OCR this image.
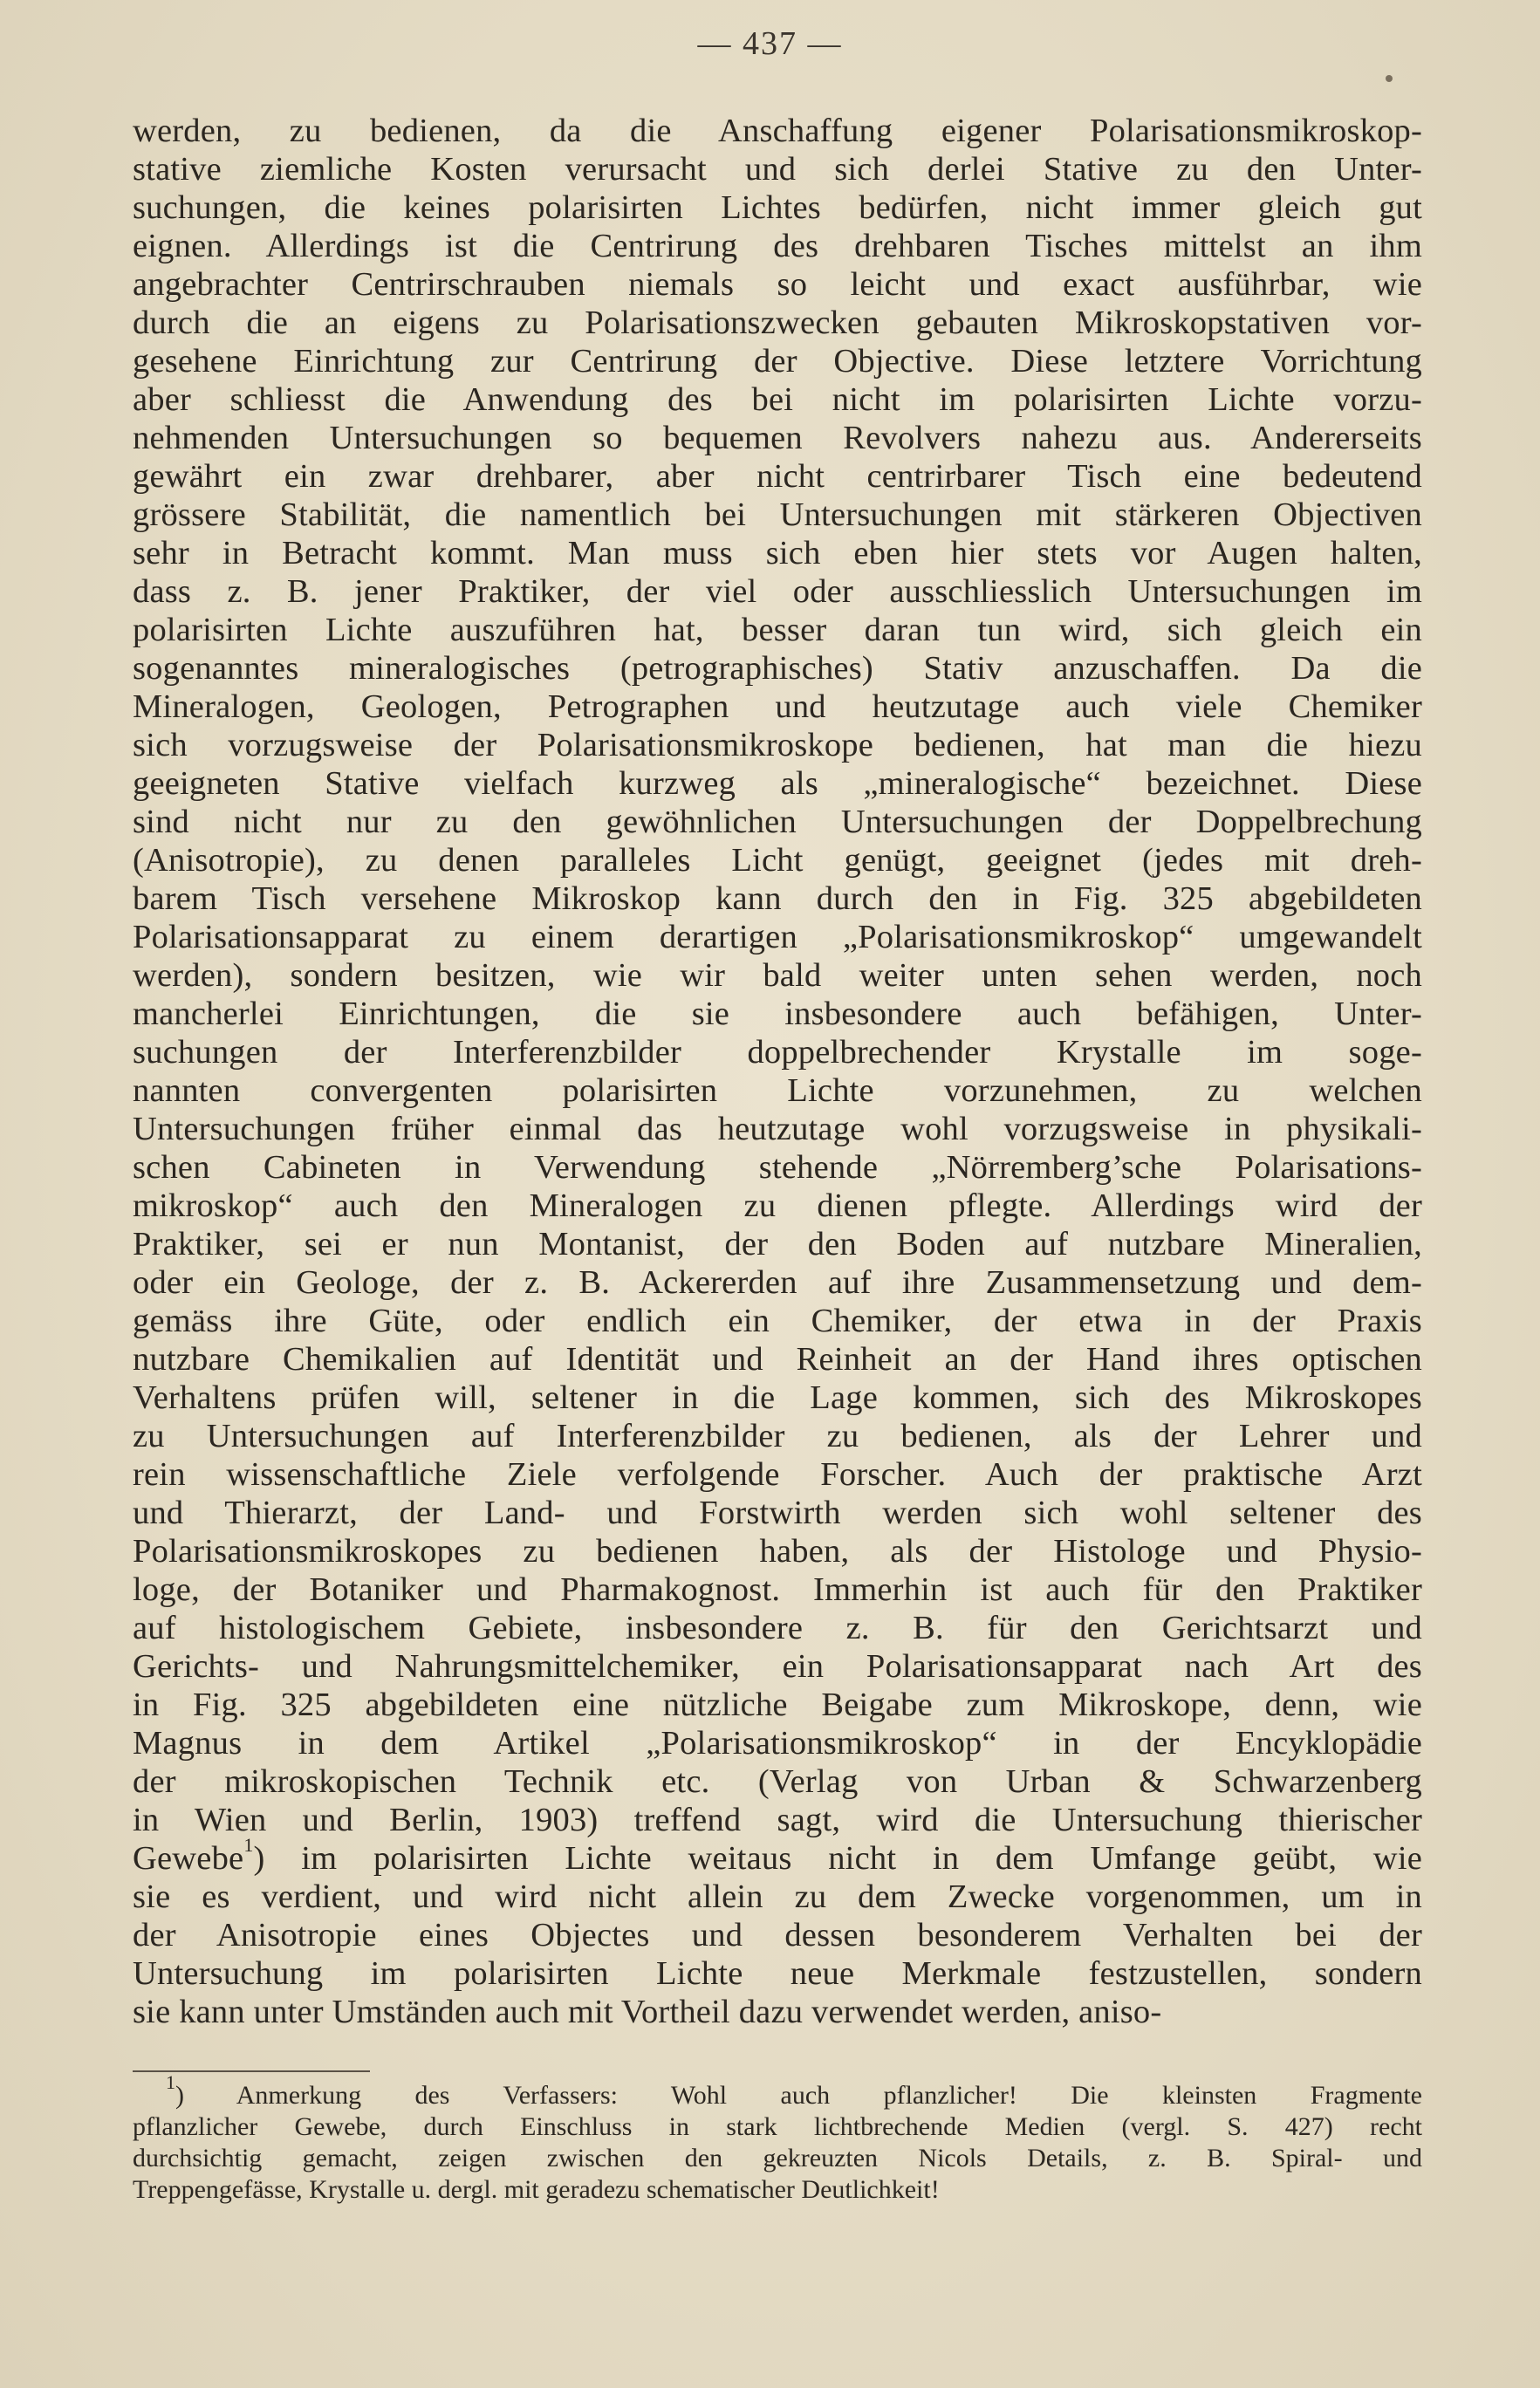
— 437 —
werden, zu bedienen, da die Anschaffung eigener Polarisationsmikroskop-
stative ziemliche Kosten verursacht und sich derlei Stative zu den Unter-
suchungen, die keines polarisirten Lichtes bedürfen, nicht immer gleich gut
eignen. Allerdings ist die Centrirung des drehbaren Tisches mittelst an ihm
angebrachter Centrirschrauben niemals so leicht und exact ausführbar, wie
durch die an eigens zu Polarisationszwecken gebauten Mikroskopstativen vor-
gesehene Einrichtung zur Centrirung der Objective. Diese letztere Vorrichtung
aber schliesst die Anwendung des bei nicht im polarisirten Lichte vorzu-
nehmenden Untersuchungen so bequemen Revolvers nahezu aus. Andererseits
gewährt ein zwar drehbarer, aber nicht centrirbarer Tisch eine bedeutend
grössere Stabilität, die namentlich bei Untersuchungen mit stärkeren Objectiven
sehr in Betracht kommt. Man muss sich eben hier stets vor Augen halten,
dass z. B. jener Praktiker, der viel oder ausschliesslich Untersuchungen im
polarisirten Lichte auszuführen hat, besser daran tun wird, sich gleich ein
sogenanntes mineralogisches (petrographisches) Stativ anzuschaffen. Da die
Mineralogen, Geologen, Petrographen und heutzutage auch viele Chemiker
sich vorzugsweise der Polarisationsmikroskope bedienen, hat man die hiezu
geeigneten Stative vielfach kurzweg als „mineralogische“ bezeichnet. Diese
sind nicht nur zu den gewöhnlichen Untersuchungen der Doppelbrechung
(Anisotropie), zu denen paralleles Licht genügt, geeignet (jedes mit dreh-
barem Tisch versehene Mikroskop kann durch den in Fig. 325 abgebildeten
Polarisationsapparat zu einem derartigen „Polarisationsmikroskop“ umgewandelt
werden), sondern besitzen, wie wir bald weiter unten sehen werden, noch
mancherlei Einrichtungen, die sie insbesondere auch befähigen, Unter-
suchungen der Interferenzbilder doppelbrechender Krystalle im soge-
nannten convergenten polarisirten Lichte vorzunehmen, zu welchen
Untersuchungen früher einmal das heutzutage wohl vorzugsweise in physikali-
schen Cabineten in Verwendung stehende „Nörremberg’sche Polarisations-
mikroskop“ auch den Mineralogen zu dienen pflegte. Allerdings wird der
Praktiker, sei er nun Montanist, der den Boden auf nutzbare Mineralien,
oder ein Geologe, der z. B. Ackererden auf ihre Zusammensetzung und dem-
gemäss ihre Güte, oder endlich ein Chemiker, der etwa in der Praxis
nutzbare Chemikalien auf Identität und Reinheit an der Hand ihres optischen
Verhaltens prüfen will, seltener in die Lage kommen, sich des Mikroskopes
zu Untersuchungen auf Interferenzbilder zu bedienen, als der Lehrer und
rein wissenschaftliche Ziele verfolgende Forscher. Auch der praktische Arzt
und Thierarzt, der Land- und Forstwirth werden sich wohl seltener des
Polarisationsmikroskopes zu bedienen haben, als der Histologe und Physio-
loge, der Botaniker und Pharmakognost. Immerhin ist auch für den Praktiker
auf histologischem Gebiete, insbesondere z. B. für den Gerichtsarzt und
Gerichts- und Nahrungsmittelchemiker, ein Polarisationsapparat nach Art des
in Fig. 325 abgebildeten eine nützliche Beigabe zum Mikroskope, denn, wie
Magnus in dem Artikel „Polarisationsmikroskop“ in der Encyklopädie
der mikroskopischen Technik etc. (Verlag von Urban & Schwarzenberg
in Wien und Berlin, 1903) treffend sagt, wird die Untersuchung thierischer
Gewebe$^1$) im polarisirten Lichte weitaus nicht in dem Umfange geübt, wie
sie es verdient, und wird nicht allein zu dem Zwecke vorgenommen, um in
der Anisotropie eines Objectes und dessen besonderem Verhalten bei der
Untersuchung im polarisirten Lichte neue Merkmale festzustellen, sondern
sie kann unter Umständen auch mit Vortheil dazu verwendet werden, aniso-
$^1$) Anmerkung des Verfassers: Wohl auch pflanzlicher! Die kleinsten Fragmente
pflanzlicher Gewebe, durch Einschluss in stark lichtbrechende Medien (vergl. S. 427) recht
durchsichtig gemacht, zeigen zwischen den gekreuzten Nicols Details, z. B. Spiral- und
Treppengefässe, Krystalle u. dergl. mit geradezu schematischer Deutlichkeit!
